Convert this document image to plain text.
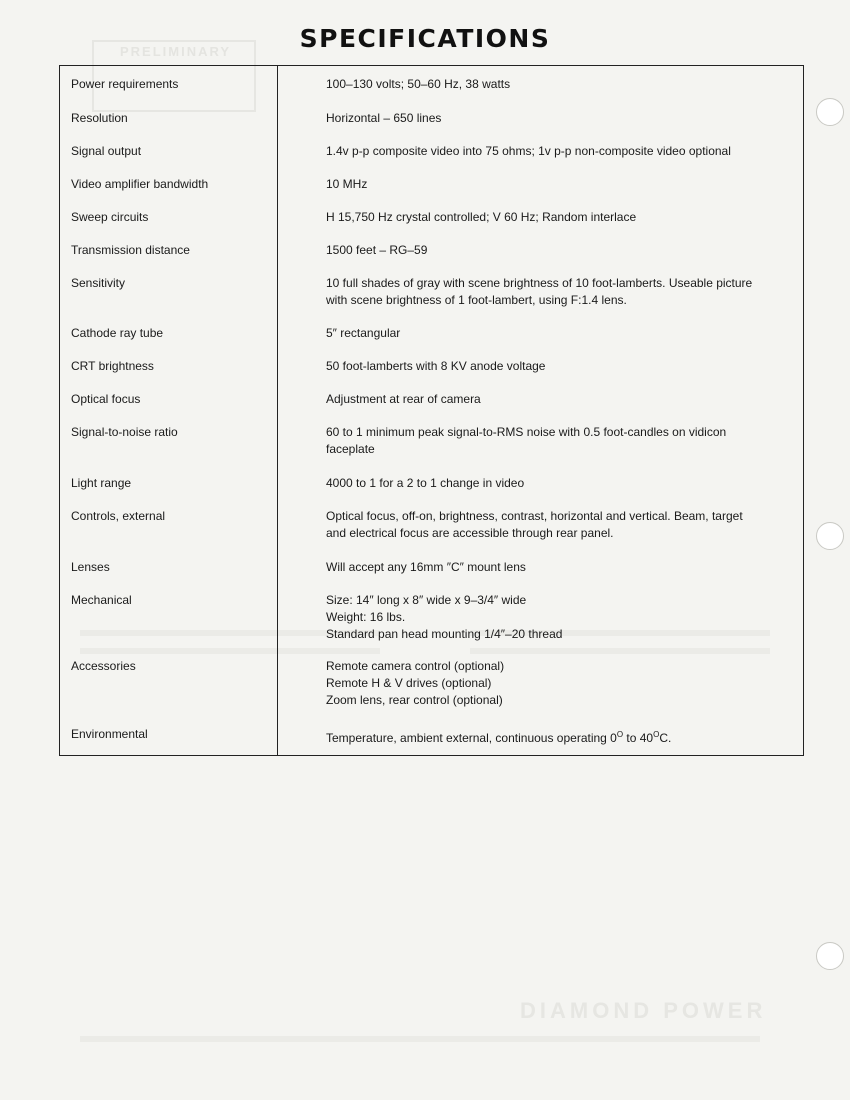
PRELIMINARY
DIAMOND POWER
SPECIFICATIONS
Power requirements	100–130 volts; 50–60 Hz, 38 watts
Resolution	Horizontal – 650 lines
Signal output	1.4v p-p composite video into 75 ohms; 1v p-p non-composite video optional
Video amplifier bandwidth	10 MHz
Sweep circuits	H 15,750 Hz crystal controlled; V 60 Hz; Random interlace
Transmission distance	1500 feet – RG–59
Sensitivity	10 full shades of gray with scene brightness of 10 foot-lamberts. Useable picture
with scene brightness of 1 foot-lambert, using F:1.4 lens.
Cathode ray tube	5″ rectangular
CRT brightness	50 foot-lamberts with 8 KV anode voltage
Optical focus	Adjustment at rear of camera
Signal-to-noise ratio	60 to 1 minimum peak signal-to-RMS noise with 0.5 foot-candles on vidicon
faceplate
Light range	4000 to 1 for a 2 to 1 change in video
Controls, external	Optical focus, off-on, brightness, contrast, horizontal and vertical. Beam, target
and electrical focus are accessible through rear panel.
Lenses	Will accept any 16mm ″C″ mount lens
Mechanical	Size: 14″ long x 8″ wide x 9–3/4″ wide
Weight: 16 lbs.
Standard pan head mounting 1/4″–20 thread
Accessories	Remote camera control (optional)
Remote H & V drives (optional)
Zoom lens, rear control (optional)
Environmental	Temperature, ambient external, continuous operating $0^O$ to $40^OC$.
